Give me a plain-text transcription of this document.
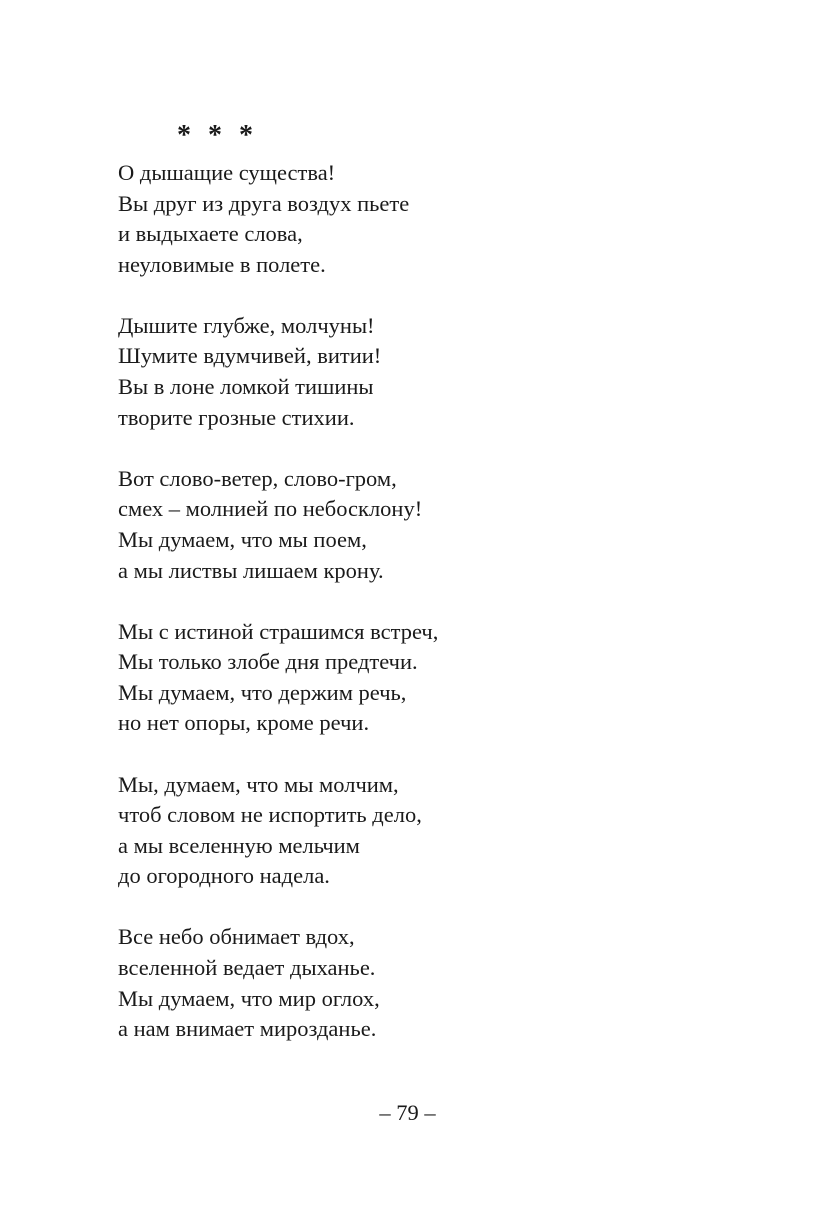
* * *
О дышащие существа!
Вы друг из друга воздух пьете
и выдыхаете слова,
неуловимые в полете.
Дышите глубже, молчуны!
Шумите вдумчивей, витии!
Вы в лоне ломкой тишины
творите грозные стихии.
Вот слово-ветер, слово-гром,
смех – молнией по небосклону!
Мы думаем, что мы поем,
а мы листвы лишаем крону.
Мы с истиной страшимся встреч,
Мы только злобе дня предтечи.
Мы думаем, что держим речь,
но нет опоры, кроме речи.
Мы, думаем, что мы молчим,
чтоб словом не испортить дело,
а мы вселенную мельчим
до огородного надела.
Все небо обнимает вдох,
вселенной ведает дыханье.
Мы думаем, что мир оглох,
а нам внимает мирозданье.
– 79 –
